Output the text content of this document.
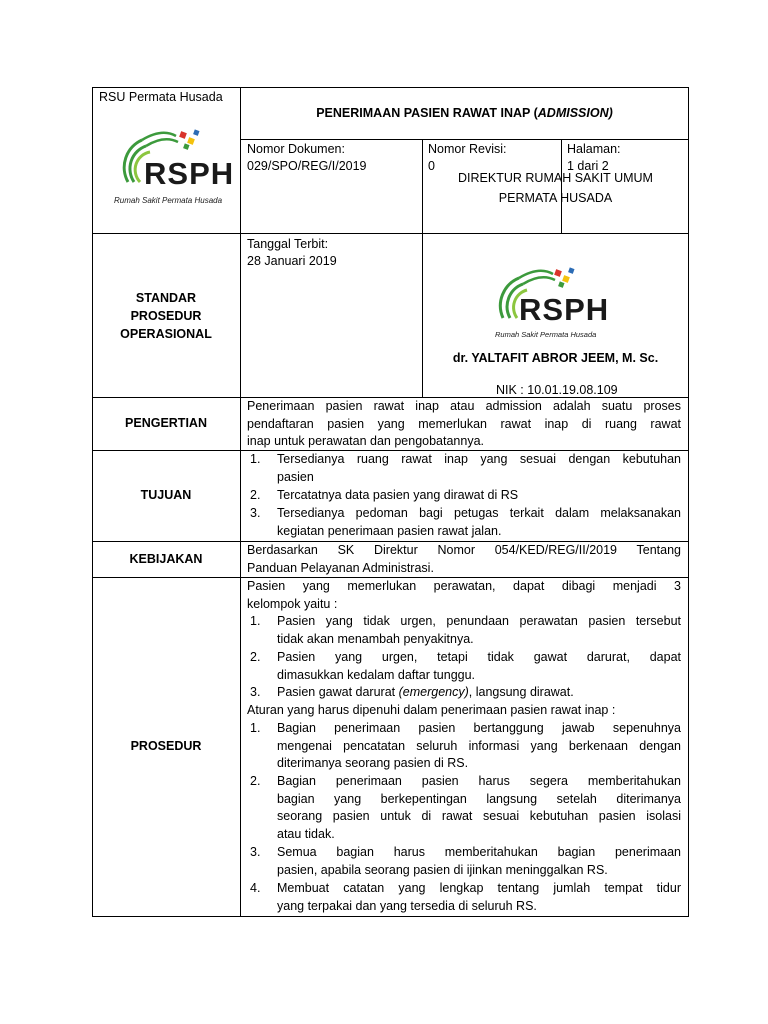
RSU Permata Husada
PENERIMAAN PASIEN RAWAT INAP (ADMISSION)
RSPH
Rumah Sakit Permata Husada
Nomor Dokumen:
029/SPO/REG/I/2019
Nomor Revisi:
0
Halaman:
1 dari 2
DIREKTUR RUMAH SAKIT UMUM
PERMATA HUSADA
STANDAR
PROSEDUR
OPERASIONAL
Tanggal Terbit:
28 Januari 2019
RSPH
Rumah Sakit Permata Husada
dr. YALTAFIT ABROR JEEM, M. Sc.
NIK : 10.01.19.08.109
PENGERTIAN
Penerimaan pasien rawat inap atau admission adalah suatu proses
pendaftaran pasien yang memerlukan rawat inap di ruang rawat
inap untuk perawatan dan pengobatannya.
TUJUAN
1. Tersedianya ruang rawat inap yang sesuai dengan kebutuhan
pasien
2. Tercatatnya data pasien yang dirawat di RS
3. Tersedianya pedoman bagi petugas terkait dalam melaksanakan
kegiatan penerimaan pasien rawat jalan.
KEBIJAKAN
Berdasarkan SK Direktur Nomor 054/KED/REG/II/2019 Tentang
Panduan Pelayanan Administrasi.
PROSEDUR
Pasien yang memerlukan perawatan, dapat dibagi menjadi 3
kelompok yaitu :
1. Pasien yang tidak urgen, penundaan perawatan pasien tersebut
tidak akan menambah penyakitnya.
2. Pasien yang urgen, tetapi tidak gawat darurat, dapat
dimasukkan kedalam daftar tunggu.
3. Pasien gawat darurat (emergency), langsung dirawat.
Aturan yang harus dipenuhi dalam penerimaan pasien rawat inap :
1. Bagian penerimaan pasien bertanggung jawab sepenuhnya
mengenai pencatatan seluruh informasi yang berkenaan dengan
diterimanya seorang pasien di RS.
2. Bagian penerimaan pasien harus segera memberitahukan
bagian yang berkepentingan langsung setelah diterimanya
seorang pasien untuk di rawat sesuai kebutuhan pasien isolasi
atau tidak.
3. Semua bagian harus memberitahukan bagian penerimaan
pasien, apabila seorang pasien di ijinkan meninggalkan RS.
4. Membuat catatan yang lengkap tentang jumlah tempat tidur
yang terpakai dan yang tersedia di seluruh RS.
